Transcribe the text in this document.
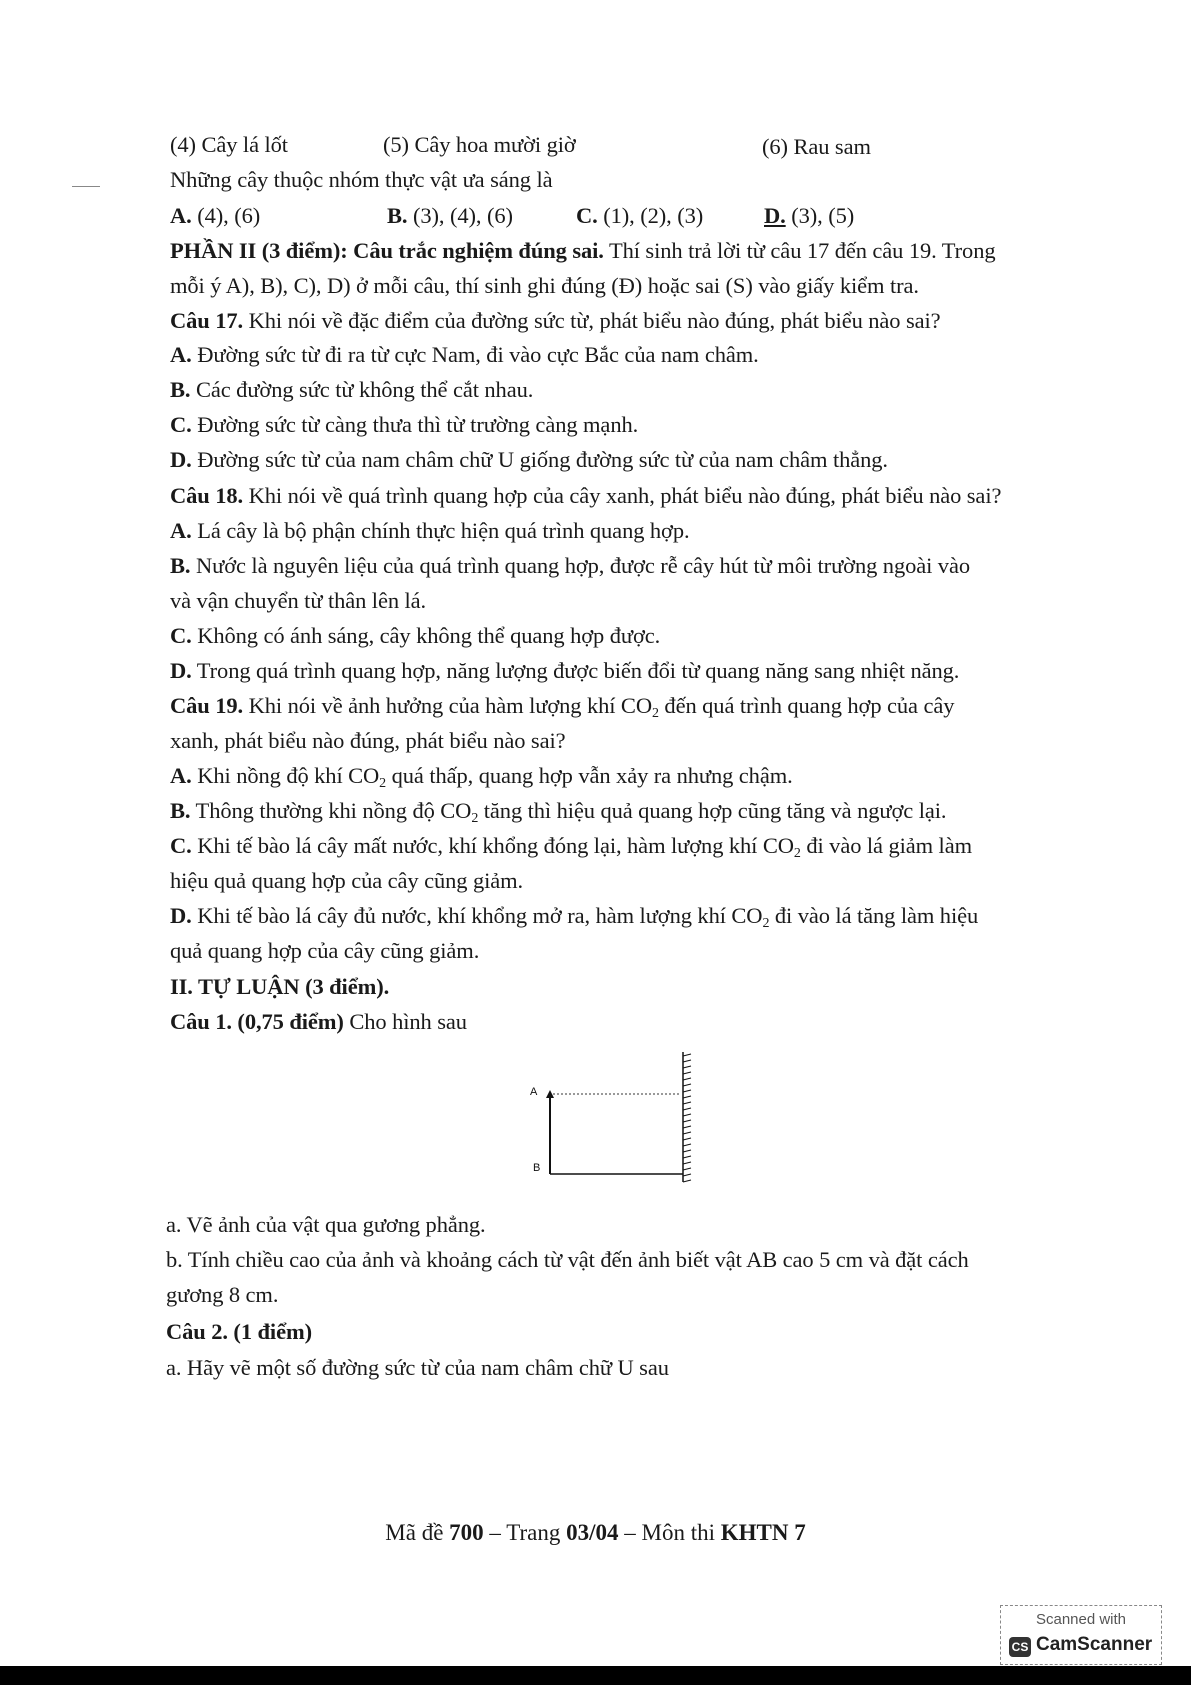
(4) Cây lá lốt	(5) Cây hoa mười giờ	(6) Rau sam
Những cây thuộc nhóm thực vật ưa sáng là
A. (4), (6)	B. (3), (4), (6)	C. (1), (2), (3)	D. (3), (5)
PHẦN II (3 điểm): Câu trắc nghiệm đúng sai. Thí sinh trả lời từ câu 17 đến câu 19. Trong
mỗi ý A), B), C), D) ở mỗi câu, thí sinh ghi đúng (Đ) hoặc sai (S) vào giấy kiểm tra.
Câu 17. Khi nói về đặc điểm của đường sức từ, phát biểu nào đúng, phát biểu nào sai?
A. Đường sức từ đi ra từ cực Nam, đi vào cực Bắc của nam châm.
B. Các đường sức từ không thể cắt nhau.
C. Đường sức từ càng thưa thì từ trường càng mạnh.
D. Đường sức từ của nam châm chữ U giống đường sức từ của nam châm thẳng.
Câu 18. Khi nói về quá trình quang hợp của cây xanh, phát biểu nào đúng, phát biểu nào sai?
A. Lá cây là bộ phận chính thực hiện quá trình quang hợp.
B. Nước là nguyên liệu của quá trình quang hợp, được rễ cây hút từ môi trường ngoài vào
và vận chuyển từ thân lên lá.
C. Không có ánh sáng, cây không thể quang hợp được.
D. Trong quá trình quang hợp, năng lượng được biến đổi từ quang năng sang nhiệt năng.
Câu 19. Khi nói về ảnh hưởng của hàm lượng khí $CO_2$ đến quá trình quang hợp của cây
xanh, phát biểu nào đúng, phát biểu nào sai?
A. Khi nồng độ khí $CO_2$ quá thấp, quang hợp vẫn xảy ra nhưng chậm.
B. Thông thường khi nồng độ $CO_2$ tăng thì hiệu quả quang hợp cũng tăng và ngược lại.
C. Khi tế bào lá cây mất nước, khí khổng đóng lại, hàm lượng khí $CO_2$ đi vào lá giảm làm
hiệu quả quang hợp của cây cũng giảm.
D. Khi tế bào lá cây đủ nước, khí khổng mở ra, hàm lượng khí $CO_2$ đi vào lá tăng làm hiệu
quả quang hợp của cây cũng giảm.
II. TỰ LUẬN (3 điểm).
Câu 1. (0,75 điểm) Cho hình sau
A
B
a. Vẽ ảnh của vật qua gương phẳng.
b. Tính chiều cao của ảnh và khoảng cách từ vật đến ảnh biết vật AB cao 5 cm và đặt cách
gương 8 cm.
Câu 2. (1 điểm)
a. Hãy vẽ một số đường sức từ của nam châm chữ U sau
Mã đề 700 – Trang 03/04 – Môn thi KHTN 7
Scanned with
CS CamScanner
